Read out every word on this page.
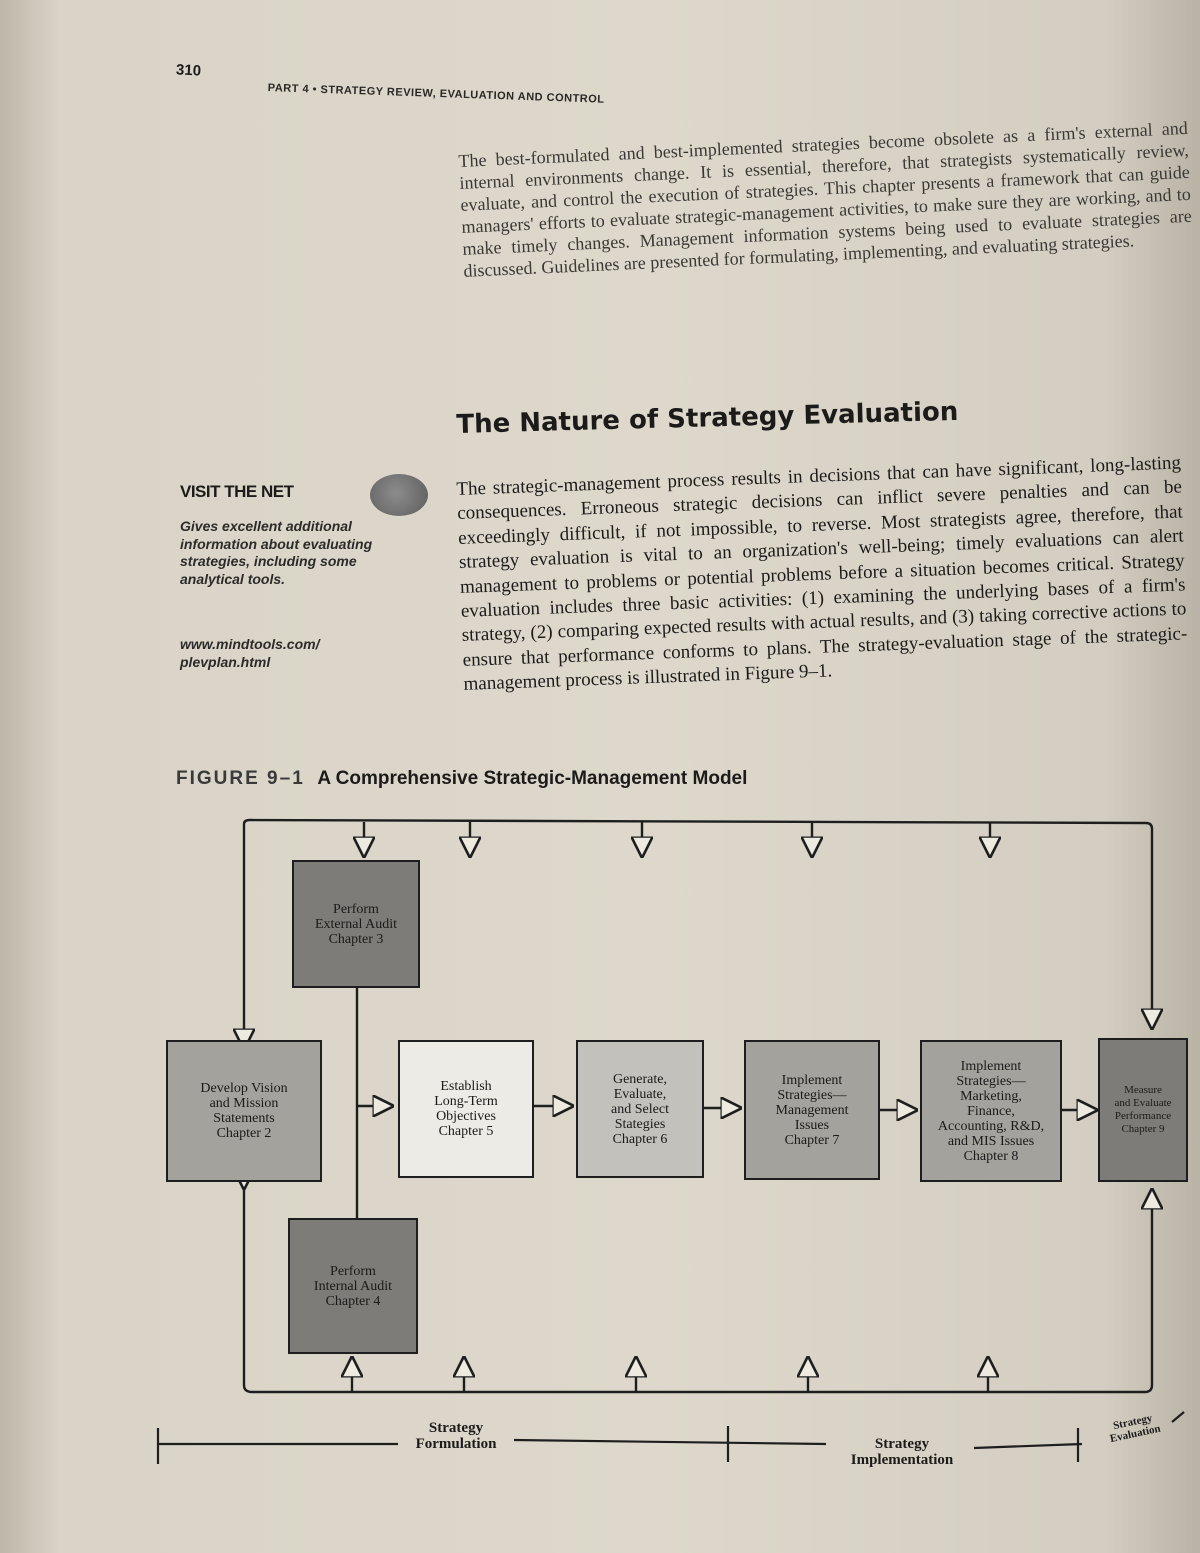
310
PART 4 • STRATEGY REVIEW, EVALUATION AND CONTROL
The best-formulated and best-implemented strategies become obsolete as a firm's external and internal environments change. It is essential, therefore, that strategists systematically review, evaluate, and control the execution of strategies. This chapter presents a framework that can guide managers' efforts to evaluate strategic-management activities, to make sure they are working, and to make timely changes. Management information systems being used to evaluate strategies are discussed. Guidelines are presented for formulating, implementing, and evaluating strategies.
The Nature of Strategy Evaluation
VISIT THE NET
Gives excellent additional information about evaluating strategies, including some analytical tools.
www.mindtools.com/
plevplan.html
The strategic-management process results in decisions that can have significant, long-lasting consequences. Erroneous strategic decisions can inflict severe penalties and can be exceedingly difficult, if not impossible, to reverse. Most strategists agree, therefore, that strategy evaluation is vital to an organization's well-being; timely evaluations can alert management to problems or potential problems before a situation becomes critical. Strategy evaluation includes three basic activities: (1) examining the underlying bases of a firm's strategy, (2) comparing expected results with actual results, and (3) taking corrective actions to ensure that performance conforms to plans. The strategy-evaluation stage of the strategic-management process is illustrated in Figure 9–1.
FIGURE 9–1 A Comprehensive Strategic-Management Model
Perform
External Audit
Chapter 3
Develop Vision
and Mission
Statements
Chapter 2
Perform
Internal Audit
Chapter 4
Establish
Long-Term
Objectives
Chapter 5
Generate,
Evaluate,
and Select
Stategies
Chapter 6
Implement
Strategies—
Management
Issues
Chapter 7
Implement
Strategies—
Marketing,
Finance,
Accounting, R&D,
and MIS Issues
Chapter 8
Measure
and Evaluate
Performance
Chapter 9
Strategy
Formulation	Strategy
Implementation
Strategy
Evaluation
